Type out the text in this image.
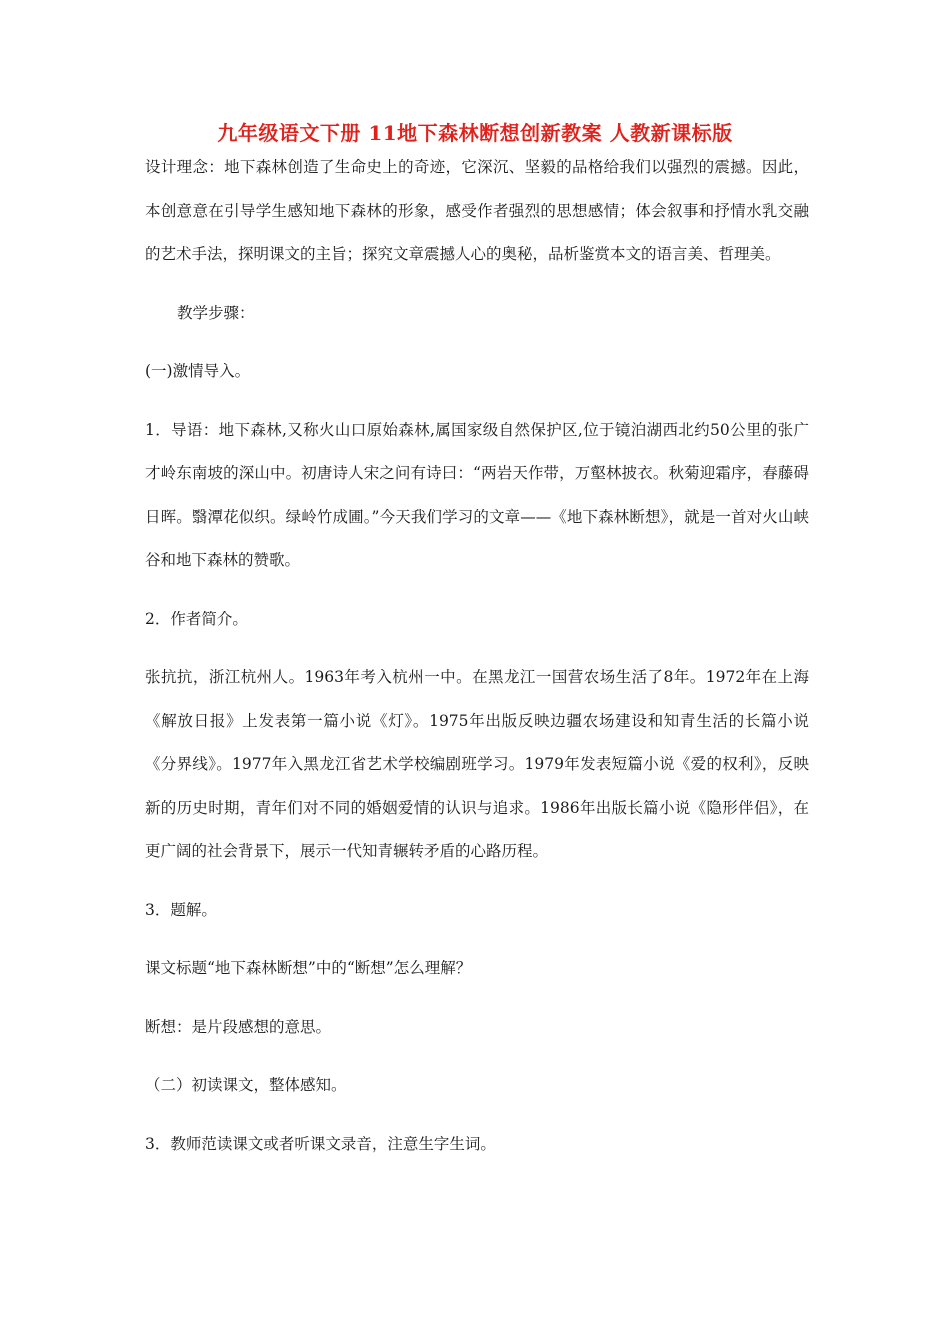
九年级语文下册 11地下森林断想创新教案 人教新课标版

设计理念：地下森林创造了生命史上的奇迹，它深沉、坚毅的品格给我们以强烈的震撼。因此，本创意意在引导学生感知地下森林的形象，感受作者强烈的思想感情；体会叙事和抒情水乳交融的艺术手法，探明课文的主旨；探究文章震撼人心的奥秘，品析鉴赏本文的语言美、哲理美。

教学步骤：

(一)激情导入。

1．导语：地下森林,又称火山口原始森林,属国家级自然保护区,位于镜泊湖西北约50公里的张广才岭东南坡的深山中。初唐诗人宋之问有诗曰：“两岩天作带，万壑林披衣。秋菊迎霜序，春藤碍日晖。翳潭花似织。绿岭竹成圃。”今天我们学习的文章——《地下森林断想》，就是一首对火山峡谷和地下森林的赞歌。

2．作者简介。

张抗抗，浙江杭州人。1963年考入杭州一中。在黑龙江一国营农场生活了8年。1972年在上海《解放日报》上发表第一篇小说《灯》。1975年出版反映边疆农场建设和知青生活的长篇小说《分界线》。1977年入黑龙江省艺术学校编剧班学习。1979年发表短篇小说《爱的权利》，反映新的历史时期，青年们对不同的婚姻爱情的认识与追求。1986年出版长篇小说《隐形伴侣》，在更广阔的社会背景下，展示一代知青辗转矛盾的心路历程。

3．题解。

课文标题“地下森林断想”中的“断想”怎么理解？

断想：是片段感想的意思。

（二）初读课文，整体感知。

3．教师范读课文或者听课文录音，注意生字生词。
